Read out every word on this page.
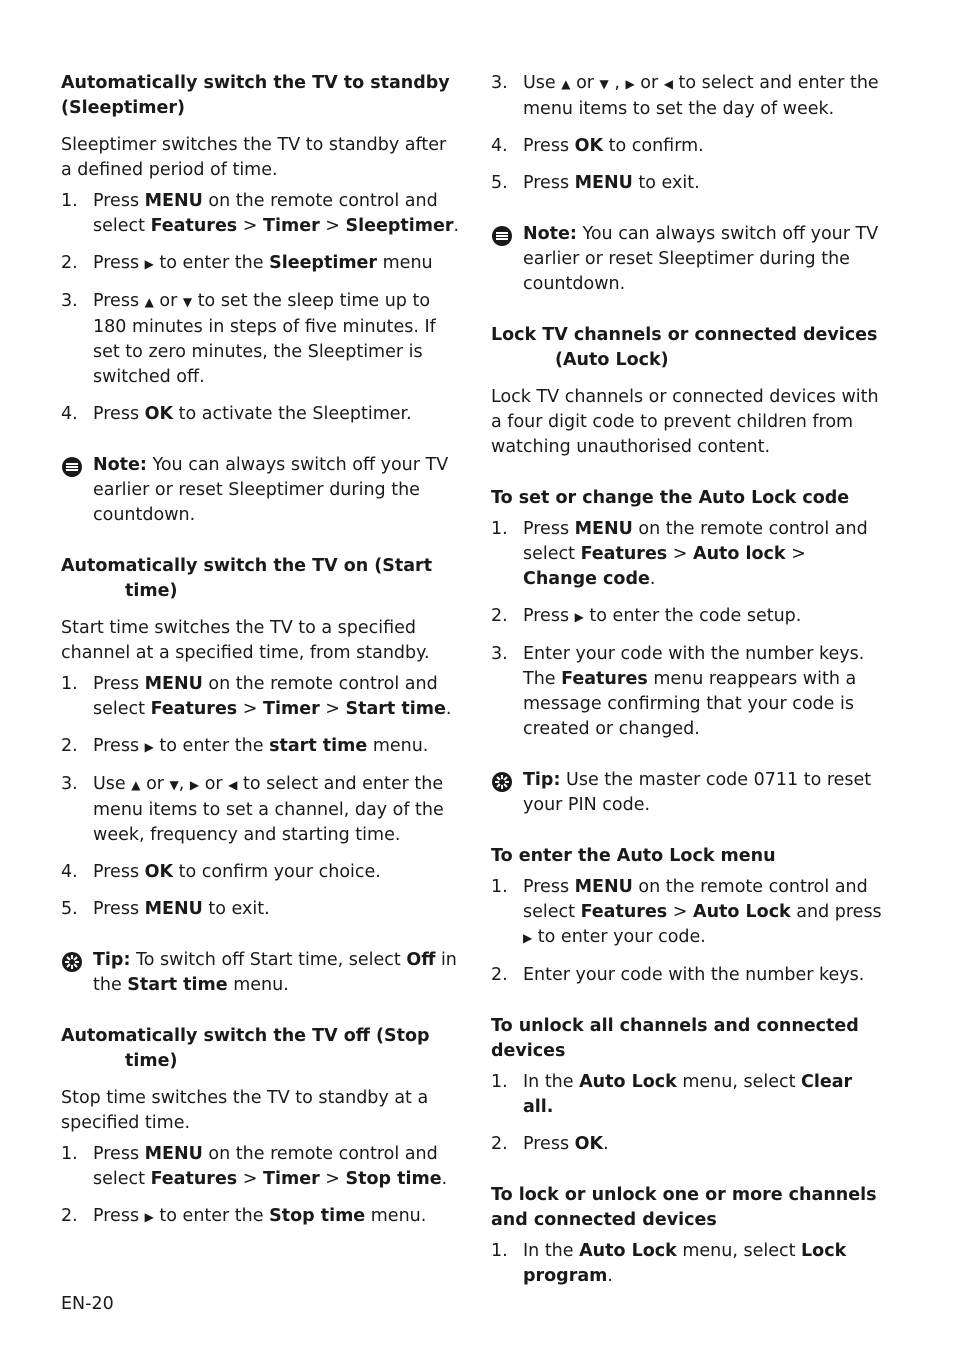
Automatically switch the TV to standby (Sleeptimer)

Sleeptimer switches the TV to standby after a defined period of time.

1. Press MENU on the remote control and select Features > Timer > Sleeptimer.
2. Press ▶ to enter the Sleeptimer menu
3. Press ▲ or ▼ to set the sleep time up to 180 minutes in steps of five minutes. If set to zero minutes, the Sleeptimer is switched off.
4. Press OK to activate the Sleeptimer.
Note: You can always switch off your TV earlier or reset Sleeptimer during the countdown.

Automatically switch the TV on (Start
time)

Start time switches the TV to a specified channel at a specified time, from standby.

1. Press MENU on the remote control and select Features > Timer > Start time.
2. Press ▶ to enter the start time menu.
3. Use ▲ or ▼, ▶ or ◀ to select and enter the menu items to set a channel, day of the week, frequency and starting time.
4. Press OK to confirm your choice.
5. Press MENU to exit.
Tip: To switch off Start time, select Off in the Start time menu.

Automatically switch the TV off (Stop
time)

Stop time switches the TV to standby at a specified time.

1. Press MENU on the remote control and select Features > Timer > Stop time.
2. Press ▶ to enter the Stop time menu.
3. Use ▲ or ▼ , ▶ or ◀ to select and enter the menu items to set the day of week.
4. Press OK to confirm.
5. Press MENU to exit.
Note: You can always switch off your TV earlier or reset Sleeptimer during the countdown.

Lock TV channels or connected devices
(Auto Lock)

Lock TV channels or connected devices with a four digit code to prevent children from watching unauthorised content.

To set or change the Auto Lock code

1. Press MENU on the remote control and select Features > Auto lock > Change code.
2. Press ▶ to enter the code setup.
3. Enter your code with the number keys. The Features menu reappears with a message confirming that your code is created or changed.
Tip: Use the master code 0711 to reset your PIN code.

To enter the Auto Lock menu

1. Press MENU on the remote control and select Features > Auto Lock and press ▶ to enter your code.
2. Enter your code with the number keys.

To unlock all channels and connected devices

1. In the Auto Lock menu, select Clear all.
2. Press OK.

To lock or unlock one or more channels and connected devices

1. In the Auto Lock menu, select Lock program.
EN-20
